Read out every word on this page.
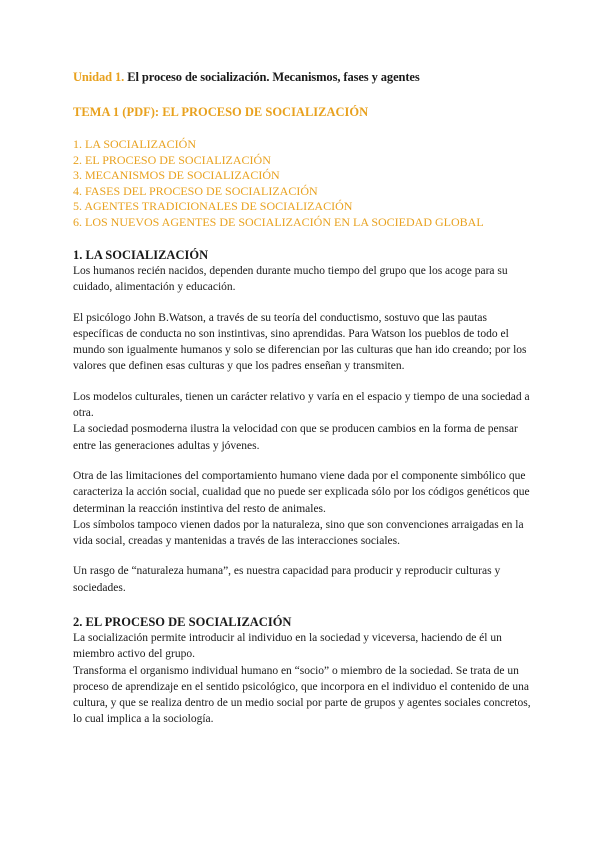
Unidad 1. El proceso de socialización. Mecanismos, fases y agentes
TEMA 1 (PDF): EL PROCESO DE SOCIALIZACIÓN
1. LA SOCIALIZACIÓN
2. EL PROCESO DE SOCIALIZACIÓN
3. MECANISMOS DE SOCIALIZACIÓN
4. FASES DEL PROCESO DE SOCIALIZACIÓN
5. AGENTES TRADICIONALES DE SOCIALIZACIÓN
6. LOS NUEVOS AGENTES DE SOCIALIZACIÓN EN LA SOCIEDAD GLOBAL
1. LA SOCIALIZACIÓN

Los humanos recién nacidos, dependen durante mucho tiempo del grupo que los acoge para su cuidado, alimentación y educación.

El psicólogo John B.Watson, a través de su teoría del conductismo, sostuvo que las pautas específicas de conducta no son instintivas, sino aprendidas. Para Watson los pueblos de todo el mundo son igualmente humanos y solo se diferencian por las culturas que han ido creando; por los valores que definen esas culturas y que los padres enseñan y transmiten.

Los modelos culturales, tienen un carácter relativo y varía en el espacio y tiempo de una sociedad a otra.

La sociedad posmoderna ilustra la velocidad con que se producen cambios en la forma de pensar entre las generaciones adultas y jóvenes.

Otra de las limitaciones del comportamiento humano viene dada por el componente simbólico que caracteriza la acción social, cualidad que no puede ser explicada sólo por los códigos genéticos que determinan la reacción instintiva del resto de animales.

Los símbolos tampoco vienen dados por la naturaleza, sino que son convenciones arraigadas en la vida social, creadas y mantenidas a través de las interacciones sociales.

Un rasgo de “naturaleza humana”, es nuestra capacidad para producir y reproducir culturas y sociedades.

2. EL PROCESO DE SOCIALIZACIÓN

La socialización permite introducir al individuo en la sociedad y viceversa, haciendo de él un miembro activo del grupo.

Transforma el organismo individual humano en “socio” o miembro de la sociedad. Se trata de un proceso de aprendizaje en el sentido psicológico, que incorpora en el individuo el contenido de una cultura, y que se realiza dentro de un medio social por parte de grupos y agentes sociales concretos, lo cual implica a la sociología.
